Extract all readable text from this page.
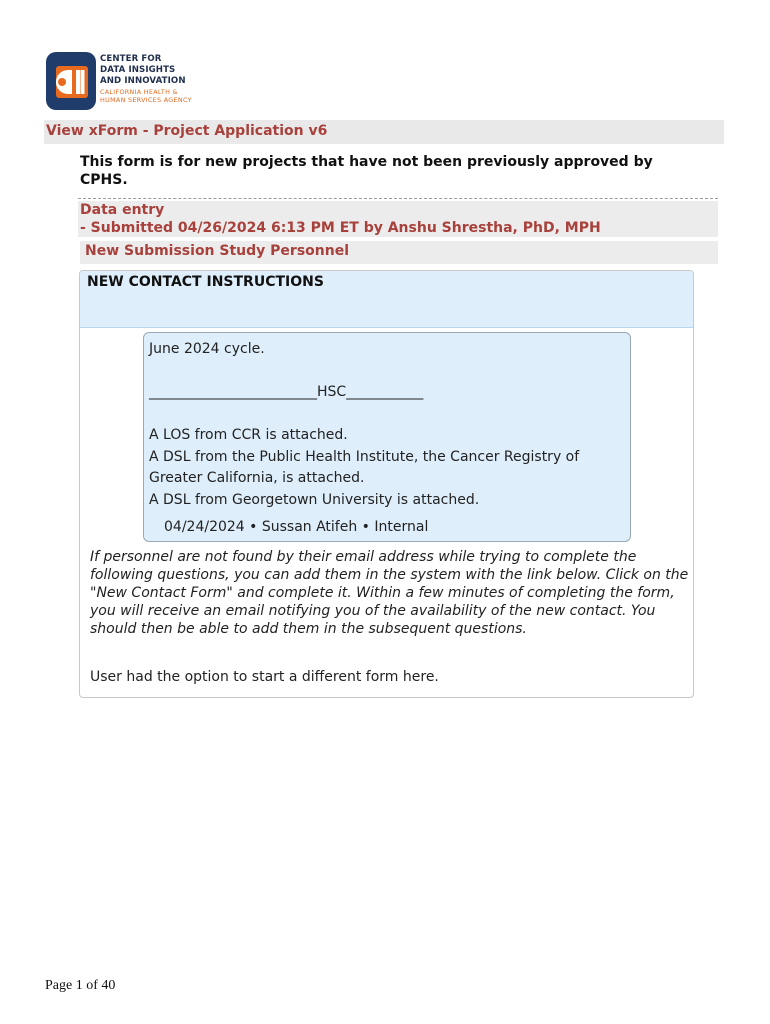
CENTER FOR
DATA INSIGHTS
AND INNOVATION
CALIFORNIA HEALTH &
HUMAN SERVICES AGENCY
View xForm - Project Application v6
This form is for new projects that have not been previously approved by CPHS.
Data entry
- Submitted 04/26/2024 6:13 PM ET by Anshu Shrestha, PhD, MPH
New Submission Study Personnel
NEW CONTACT INSTRUCTIONS
June 2024 cycle.
________________________HSC___________
A LOS from CCR is attached.
A DSL from the Public Health Institute, the Cancer Registry of
Greater California, is attached.
A DSL from Georgetown University is attached.
04/24/2024 • Sussan Atifeh • Internal
If personnel are not found by their email address while trying to complete the following questions, you can add them in the system with the link below. Click on the "New Contact Form" and complete it. Within a few minutes of completing the form, you will receive an email notifying you of the availability of the new contact. You should then be able to add them in the subsequent questions.
User had the option to start a different form here.
Page 1 of 40
